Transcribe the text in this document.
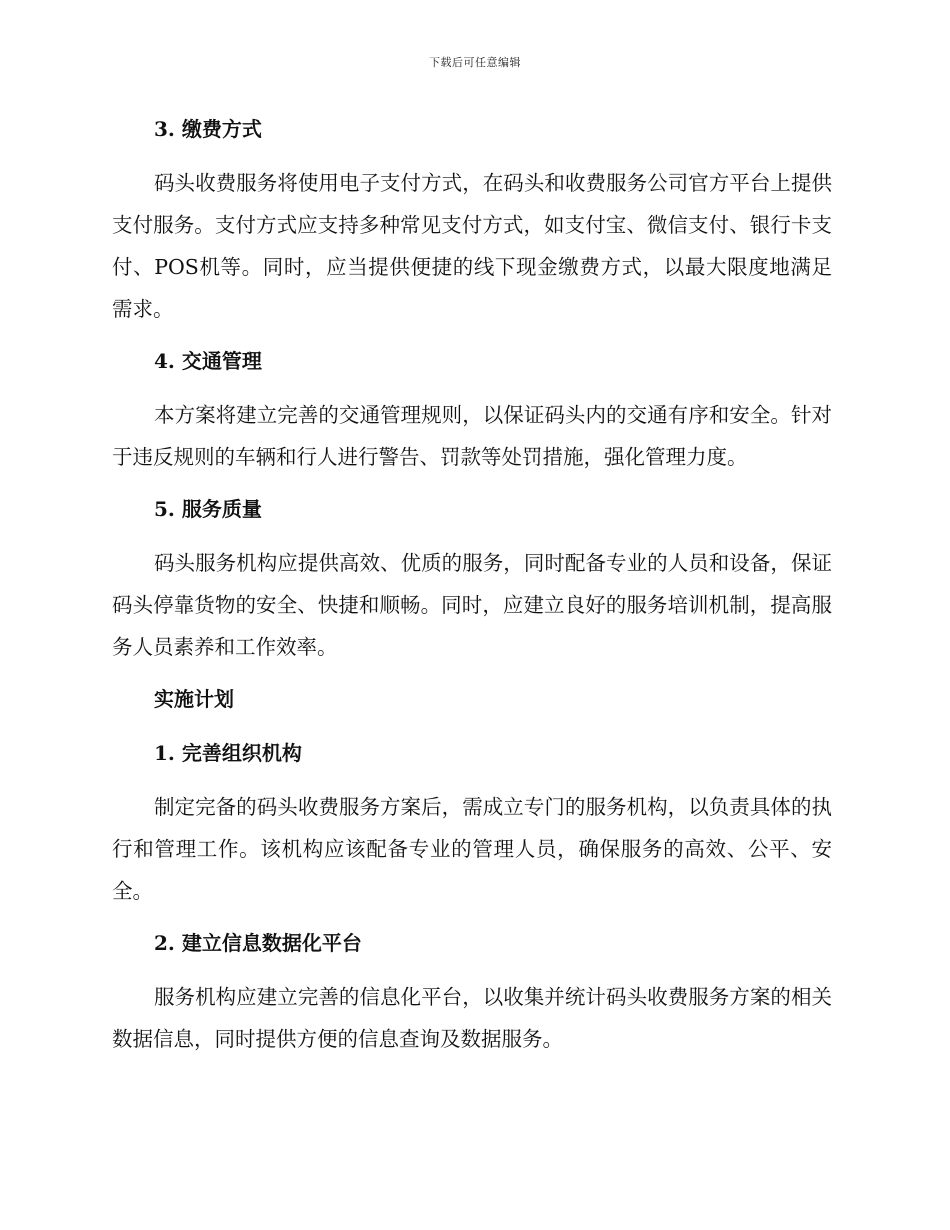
下载后可任意编辑
3. 缴费方式

码头收费服务将使用电子支付方式，在码头和收费服务公司官方平台上提供支付服务。支付方式应支持多种常见支付方式，如支付宝、微信支付、银行卡支付、POS机等。同时，应当提供便捷的线下现金缴费方式，以最大限度地满足需求。

4. 交通管理

本方案将建立完善的交通管理规则，以保证码头内的交通有序和安全。针对于违反规则的车辆和行人进行警告、罚款等处罚措施，强化管理力度。

5. 服务质量

码头服务机构应提供高效、优质的服务，同时配备专业的人员和设备，保证码头停靠货物的安全、快捷和顺畅。同时，应建立良好的服务培训机制，提高服务人员素养和工作效率。

实施计划
1. 完善组织机构

制定完备的码头收费服务方案后，需成立专门的服务机构，以负责具体的执行和管理工作。该机构应该配备专业的管理人员，确保服务的高效、公平、安全。

2. 建立信息数据化平台

服务机构应建立完善的信息化平台，以收集并统计码头收费服务方案的相关数据信息，同时提供方便的信息查询及数据服务。
